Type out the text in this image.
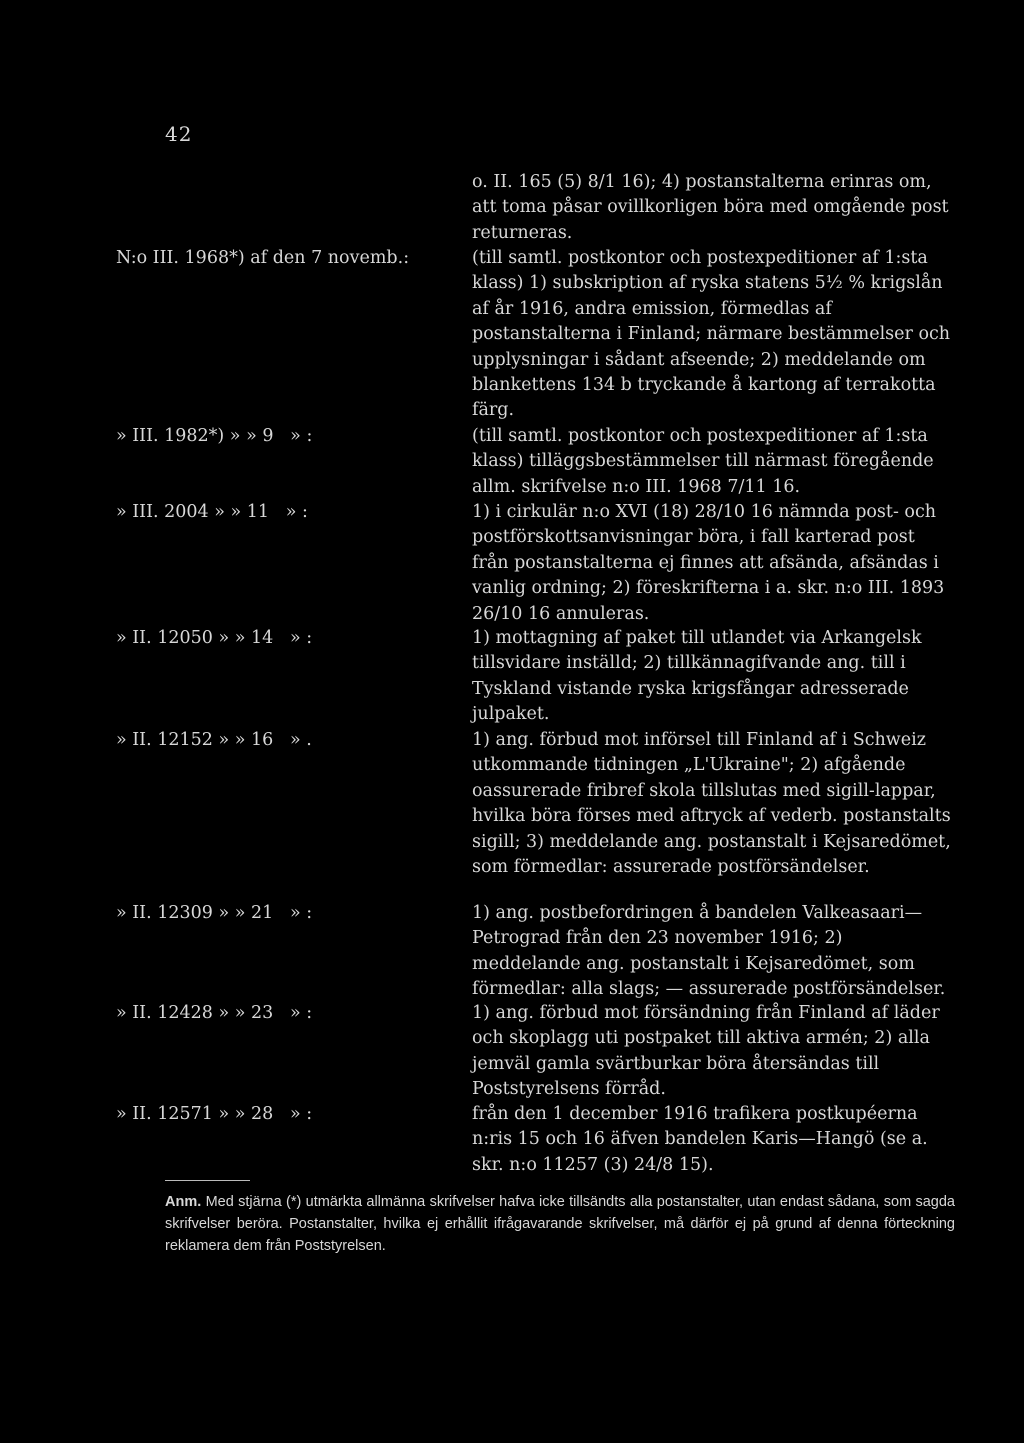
42
o. II. 165 (5) 8/1 16); 4) postanstalterna erinras om, att toma påsar ovillkorligen böra med omgående post returneras.
N:o III. 1968*) af den 7 novemb.:	(till samtl. postkontor och postexpeditioner af 1:sta klass) 1) subskription af ryska statens 5½ % krigslån af år 1916, andra emission, förmedlas af postanstalterna i Finland; närmare bestämmelser och upplysningar i sådant afseende; 2) meddelande om blankettens 134 b tryckande å kartong af terrakotta färg.
» III. 1982*) » » 9   » :	(till samtl. postkontor och postexpeditioner af 1:sta klass) tilläggsbestämmelser till närmast föregående allm. skrifvelse n:o III. 1968 7/11 16.
» III. 2004 » » 11   » :	1) i cirkulär n:o XVI (18) 28/10 16 nämnda post- och postförskottsanvisningar böra, i fall karterad post från postanstalterna ej finnes att afsända, afsändas i vanlig ordning; 2) föreskrifterna i a. skr. n:o III. 1893 26/10 16 annuleras.
» II. 12050 » » 14   » :	1) mottagning af paket till utlandet via Arkangelsk tillsvidare inställd; 2) tillkännagifvande ang. till i Tyskland vistande ryska krigsfångar adresserade julpaket.
» II. 12152 » » 16   » .	1) ang. förbud mot införsel till Finland af i Schweiz utkommande tidningen „L'Ukraine"; 2) afgående oassurerade fribref skola tillslutas med sigill-lappar, hvilka böra förses med aftryck af vederb. postanstalts sigill; 3) meddelande ang. postanstalt i Kejsaredömet, som förmedlar: assurerade postförsändelser.
» II. 12309 » » 21   » :	1) ang. postbefordringen å bandelen Valkeasaari— Petrograd från den 23 november 1916; 2) meddelande ang. postanstalt i Kejsaredömet, som förmedlar: alla slags; — assurerade postförsändelser.
» II. 12428 » » 23   » :	1) ang. förbud mot försändning från Finland af läder och skoplagg uti postpaket till aktiva armén; 2) alla jemväl gamla svärtburkar böra återsändas till Poststyrelsens förråd.
» II. 12571 » » 28   » :	från den 1 december 1916 trafikera postkupéerna n:ris 15 och 16 äfven bandelen Karis—Hangö (se a. skr. n:o 11257 (3) 24/8 15).
Anm. Med stjärna (*) utmärkta allmänna skrifvelser hafva icke tillsändts alla postanstalter, utan endast sådana, som sagda skrifvelser beröra. Postanstalter, hvilka ej erhållit ifrågavarande skrifvelser, må därför ej på grund af denna förteckning reklamera dem från Poststyrelsen.
